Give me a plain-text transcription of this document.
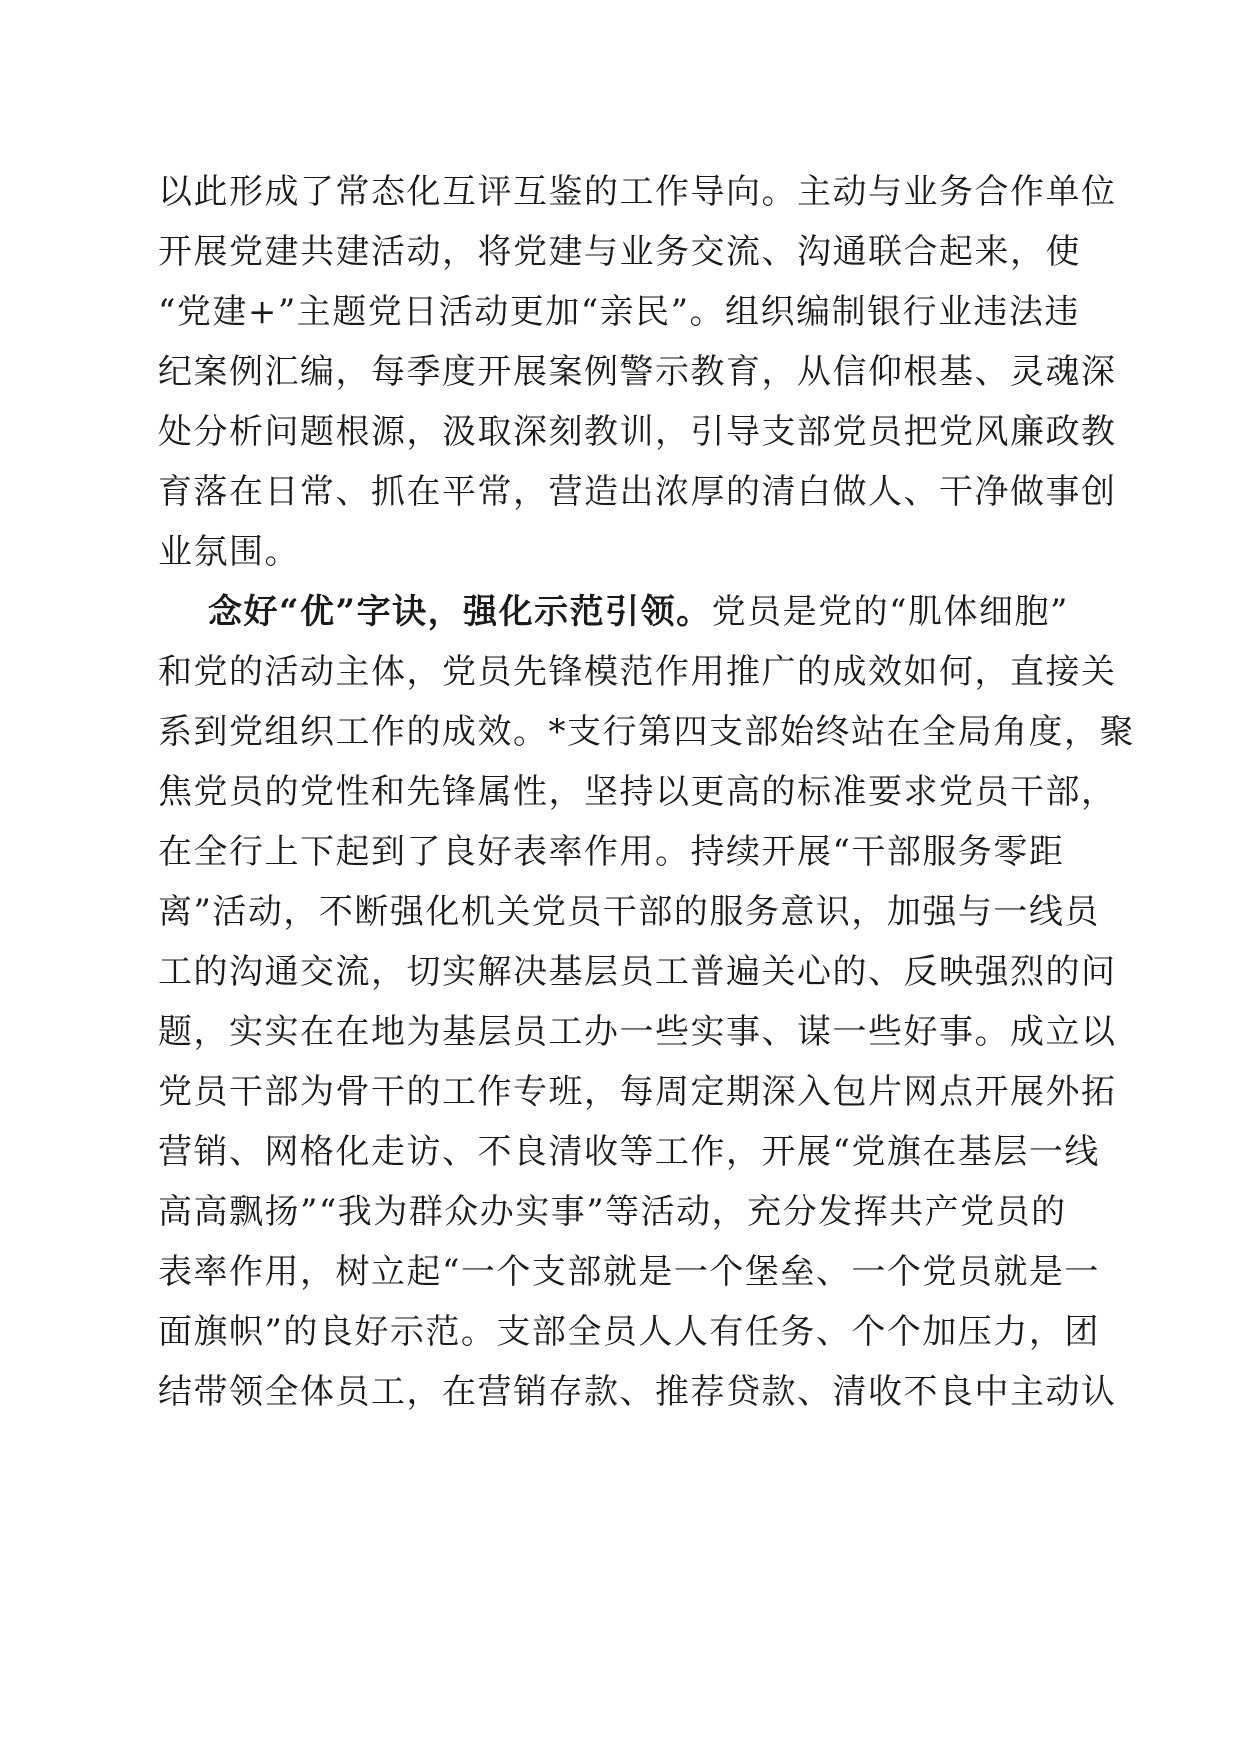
以此形成了常态化互评互鉴的工作导向。主动与业务合作单位
开展党建共建活动，将党建与业务交流、沟通联合起来，使
“党建+”主题党日活动更加“亲民”。组织编制银行业违法违
纪案例汇编，每季度开展案例警示教育，从信仰根基、灵魂深
处分析问题根源，汲取深刻教训，引导支部党员把党风廉政教
育落在日常、抓在平常，营造出浓厚的清白做人、干净做事创
业氛围。
念好“优”字诀，强化示范引领。党员是党的“肌体细胞”
和党的活动主体，党员先锋模范作用推广的成效如何，直接关
系到党组织工作的成效。*支行第四支部始终站在全局角度，聚
焦党员的党性和先锋属性，坚持以更高的标准要求党员干部，
在全行上下起到了良好表率作用。持续开展“干部服务零距
离”活动，不断强化机关党员干部的服务意识，加强与一线员
工的沟通交流，切实解决基层员工普遍关心的、反映强烈的问
题，实实在在地为基层员工办一些实事、谋一些好事。成立以
党员干部为骨干的工作专班，每周定期深入包片网点开展外拓
营销、网格化走访、不良清收等工作，开展“党旗在基层一线
高高飘扬”“我为群众办实事”等活动，充分发挥共产党员的
表率作用，树立起“一个支部就是一个堡垒、一个党员就是一
面旗帜”的良好示范。支部全员人人有任务、个个加压力，团
结带领全体员工，在营销存款、推荐贷款、清收不良中主动认
